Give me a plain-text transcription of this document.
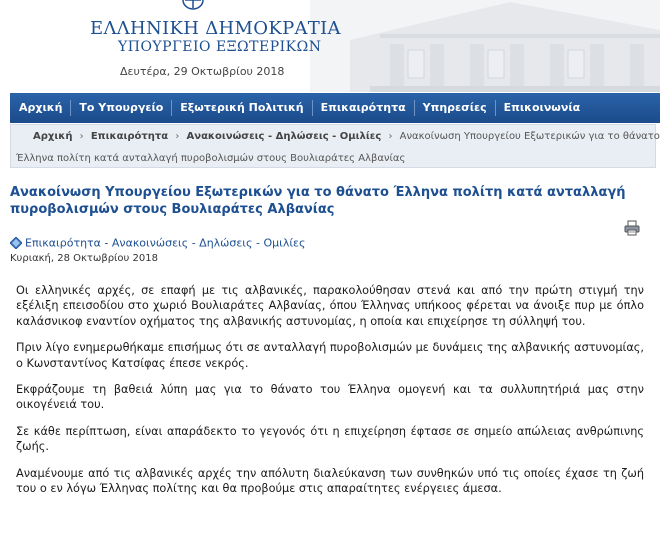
ΕΛΛΗΝΙΚΗ ΔΗΜΟΚΡΑΤΙΑ
ΥΠΟΥΡΓΕΙΟ ΕΞΩΤΕΡΙΚΩΝ
Δευτέρα, 29 Οκτωβρίου 2018
Αρχική	Το Υπουργείο	Εξωτερική Πολιτική	Επικαιρότητα	Υπηρεσίες	Επικοινωνία
Αρχική › Επικαιρότητα › Ανακοινώσεις - Δηλώσεις - Ομιλίες › Ανακοίνωση Υπουργείου Εξωτερικών για το θάνατο
Έλληνα πολίτη κατά ανταλλαγή πυροβολισμών στους Βουλιαράτες Αλβανίας
Ανακοίνωση Υπουργείου Εξωτερικών για το θάνατο Έλληνα πολίτη κατά ανταλλαγή πυροβολισμών στους Βουλιαράτες Αλβανίας
Επικαιρότητα - Ανακοινώσεις - Δηλώσεις - Ομιλίες
Κυριακή, 28 Οκτωβρίου 2018

Οι ελληνικές αρχές, σε επαφή με τις αλβανικές, παρακολούθησαν στενά και από την πρώτη στιγμή την εξέλιξη επεισοδίου στο χωριό Βουλιαράτες Αλβανίας, όπου Έλληνας υπήκοος φέρεται να άνοιξε πυρ με όπλο καλάσνικοφ εναντίον οχήματος της αλβανικής αστυνομίας, η οποία και επιχείρησε τη σύλληψή του.

Πριν λίγο ενημερωθήκαμε επισήμως ότι σε ανταλλαγή πυροβολισμών με δυνάμεις της αλβανικής αστυνομίας, ο Κωνσταντίνος Κατσίφας έπεσε νεκρός.

Εκφράζουμε τη βαθειά λύπη μας για το θάνατο του Έλληνα ομογενή και τα συλλυπητήριά μας στην οικογένειά του.

Σε κάθε περίπτωση, είναι απαράδεκτο το γεγονός ότι η επιχείρηση έφτασε σε σημείο απώλειας ανθρώπινης ζωής.

Αναμένουμε από τις αλβανικές αρχές την απόλυτη διαλεύκανση των συνθηκών υπό τις οποίες έχασε τη ζωή του ο εν λόγω Έλληνας πολίτης και θα προβούμε στις απαραίτητες ενέργειες άμεσα.
